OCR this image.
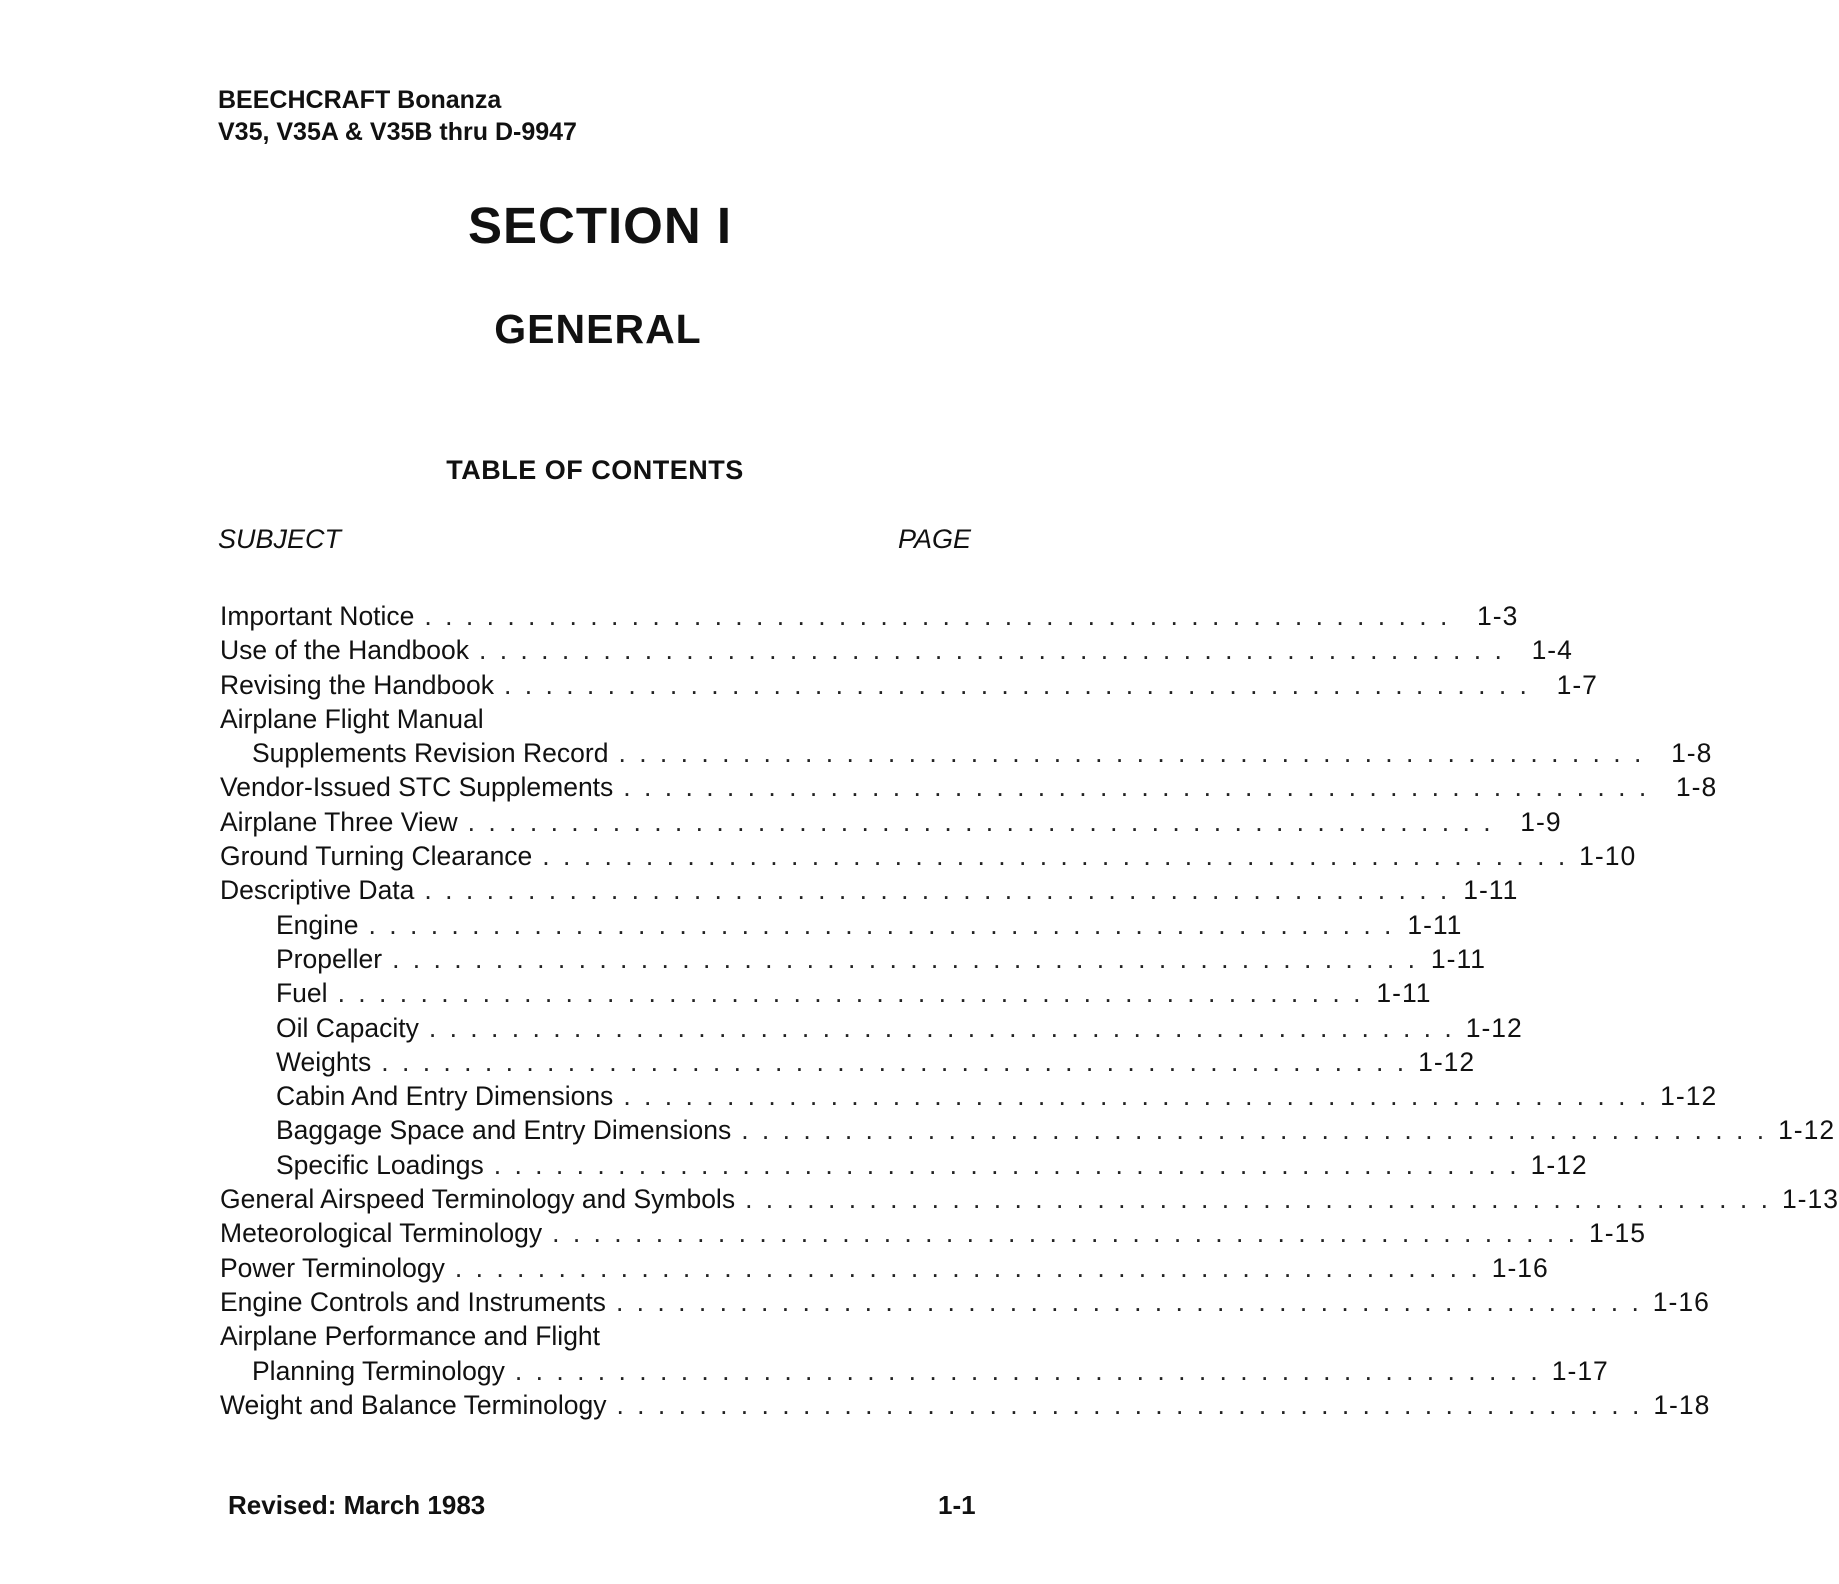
BEECHCRAFT Bonanza
V35, V35A & V35B thru D-9947
SECTION I
GENERAL
TABLE OF CONTENTS
SUBJECT	PAGE
Important Notice . . . . . . . . . . . . . . . . . . . . . . . . . . . . . . . . . . . . . . . . . . . . . . . . . .	1-3
Use of the Handbook . . . . . . . . . . . . . . . . . . . . . . . . . . . . . . . . . . . . . . . . . . . . . . . . . .	1-4
Revising the Handbook . . . . . . . . . . . . . . . . . . . . . . . . . . . . . . . . . . . . . . . . . . . . . . . . . .	1-7
Airplane Flight Manual
Supplements Revision Record . . . . . . . . . . . . . . . . . . . . . . . . . . . . . . . . . . . . . . . . . . . . . . . . . .	1-8
Vendor-Issued STC Supplements . . . . . . . . . . . . . . . . . . . . . . . . . . . . . . . . . . . . . . . . . . . . . . . . . .	1-8
Airplane Three View . . . . . . . . . . . . . . . . . . . . . . . . . . . . . . . . . . . . . . . . . . . . . . . . . .	1-9
Ground Turning Clearance . . . . . . . . . . . . . . . . . . . . . . . . . . . . . . . . . . . . . . . . . . . . . . . . . . 1-10
Descriptive Data . . . . . . . . . . . . . . . . . . . . . . . . . . . . . . . . . . . . . . . . . . . . . . . . . . 1-11
Engine . . . . . . . . . . . . . . . . . . . . . . . . . . . . . . . . . . . . . . . . . . . . . . . . . . 1-11
Propeller . . . . . . . . . . . . . . . . . . . . . . . . . . . . . . . . . . . . . . . . . . . . . . . . . . 1-11
Fuel . . . . . . . . . . . . . . . . . . . . . . . . . . . . . . . . . . . . . . . . . . . . . . . . . . 1-11
Oil Capacity . . . . . . . . . . . . . . . . . . . . . . . . . . . . . . . . . . . . . . . . . . . . . . . . . . 1-12
Weights . . . . . . . . . . . . . . . . . . . . . . . . . . . . . . . . . . . . . . . . . . . . . . . . . . 1-12
Cabin And Entry Dimensions . . . . . . . . . . . . . . . . . . . . . . . . . . . . . . . . . . . . . . . . . . . . . . . . . . 1-12
Baggage Space and Entry Dimensions . . . . . . . . . . . . . . . . . . . . . . . . . . . . . . . . . . . . . . . . . . . . . . . . . . 1-12
Specific Loadings . . . . . . . . . . . . . . . . . . . . . . . . . . . . . . . . . . . . . . . . . . . . . . . . . . 1-12
General Airspeed Terminology and Symbols . . . . . . . . . . . . . . . . . . . . . . . . . . . . . . . . . . . . . . . . . . . . . . . . . . 1-13
Meteorological Terminology . . . . . . . . . . . . . . . . . . . . . . . . . . . . . . . . . . . . . . . . . . . . . . . . . . 1-15
Power Terminology . . . . . . . . . . . . . . . . . . . . . . . . . . . . . . . . . . . . . . . . . . . . . . . . . . 1-16
Engine Controls and Instruments . . . . . . . . . . . . . . . . . . . . . . . . . . . . . . . . . . . . . . . . . . . . . . . . . . 1-16
Airplane Performance and Flight
Planning Terminology . . . . . . . . . . . . . . . . . . . . . . . . . . . . . . . . . . . . . . . . . . . . . . . . . . 1-17
Weight and Balance Terminology . . . . . . . . . . . . . . . . . . . . . . . . . . . . . . . . . . . . . . . . . . . . . . . . . . 1-18
Revised: March 1983	1-1
